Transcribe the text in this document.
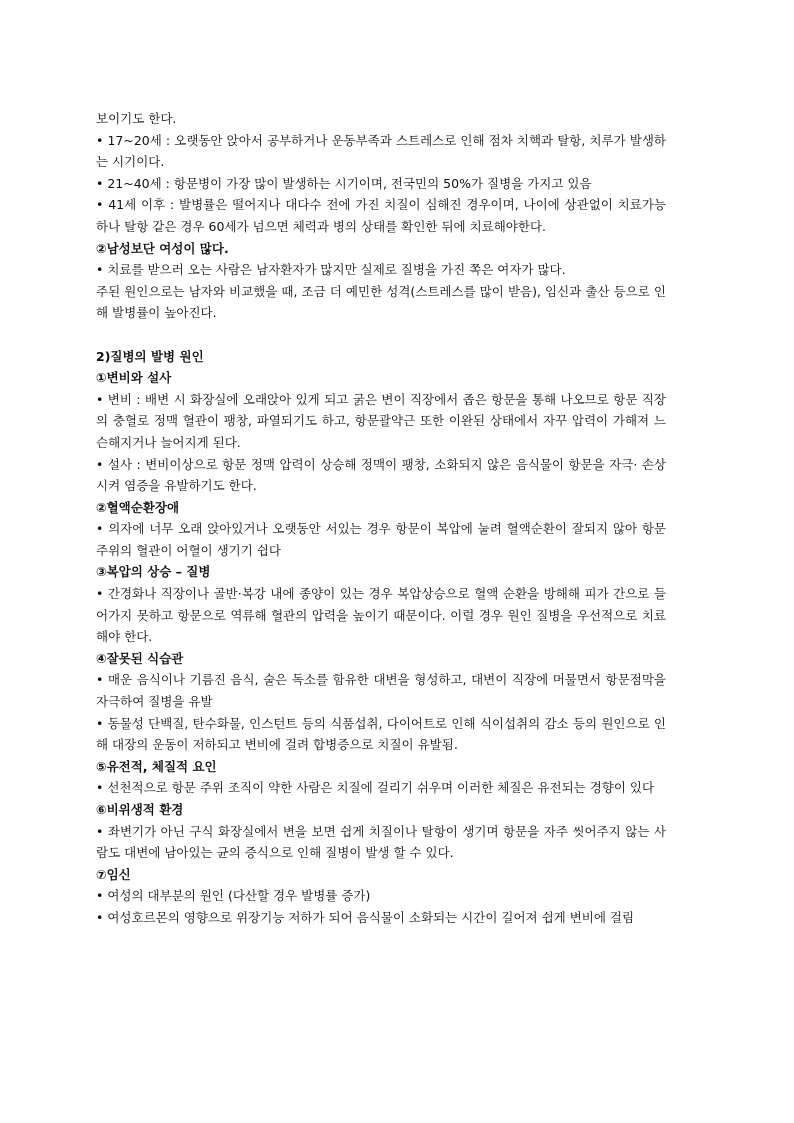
보이기도 한다.

• 17~20세 : 오랫동안 앉아서 공부하거나 운동부족과 스트레스로 인해 점차 치핵과 탈항, 치루가 발생하는 시기이다.

• 21~40세 : 항문병이 가장 많이 발생하는 시기이며, 전국민의 50%가 질병을 가지고 있음

• 41세 이후 : 발병률은 떨어지나 대다수 전에 가진 치질이 심해진 경우이며, 나이에 상관없이 치료가능하나 탈항 같은 경우 60세가 넘으면 체력과 병의 상태를 확인한 뒤에 치료해야한다.

②남성보단 여성이 많다.

• 치료를 받으러 오는 사람은 남자환자가 많지만 실제로 질병을 가진 쪽은 여자가 많다.

주된 원인으로는 남자와 비교했을 때, 조금 더 예민한 성격(스트레스를 많이 받음), 임신과 출산 등으로 인해 발병률이 높아진다.

2)질병의 발병 원인

①변비와 설사

• 변비 : 배변 시 화장실에 오래앉아 있게 되고 굵은 변이 직장에서 좁은 항문을 통해 나오므로 항문 직장의 충혈로 정맥 혈관이 팽창, 파열되기도 하고, 항문괄약근 또한 이완된 상태에서 자꾸 압력이 가해져 느슨해지거나 늘어지게 된다.

• 설사 : 변비이상으로 항문 정맥 압력이 상승해 정맥이 팽창, 소화되지 않은 음식물이 항문을 자극· 손상시켜 염증을 유발하기도 한다.

②혈액순환장애

• 의자에 너무 오래 앉아있거나 오랫동안 서있는 경우 항문이 복압에 눌려 혈액순환이 잘되지 않아 항문주위의 혈관이 어혈이 생기기 쉽다

③복압의 상승 – 질병

• 간경화나 직장이나 골반·복강 내에 종양이 있는 경우 복압상승으로 혈액 순환을 방해해 피가 간으로 들어가지 못하고 항문으로 역류해 혈관의 압력을 높이기 때문이다. 이럴 경우 원인 질병을 우선적으로 치료해야 한다.

④잘못된 식습관

• 매운 음식이나 기름진 음식, 술은 독소를 함유한 대변을 형성하고, 대변이 직장에 머물면서 항문점막을 자극하여 질병을 유발

• 동물성 단백질, 탄수화물, 인스턴트 등의 식품섭취, 다이어트로 인해 식이섭취의 감소 등의 원인으로 인해 대장의 운동이 저하되고 변비에 걸려 합병증으로 치질이 유발됨.

⑤유전적, 체질적 요인

• 선천적으로 항문 주위 조직이 약한 사람은 치질에 걸리기 쉬우며 이러한 체질은 유전되는 경향이 있다

⑥비위생적 환경

• 좌변기가 아닌 구식 화장실에서 변을 보면 쉽게 치질이나 탈항이 생기며 항문을 자주 씻어주지 않는 사람도 대변에 남아있는 균의 증식으로 인해 질병이 발생 할 수 있다.

⑦임신

• 여성의 대부분의 원인 (다산할 경우 발병률 증가)

• 여성호르몬의 영향으로 위장기능 저하가 되어 음식물이 소화되는 시간이 길어져 쉽게 변비에 걸림
